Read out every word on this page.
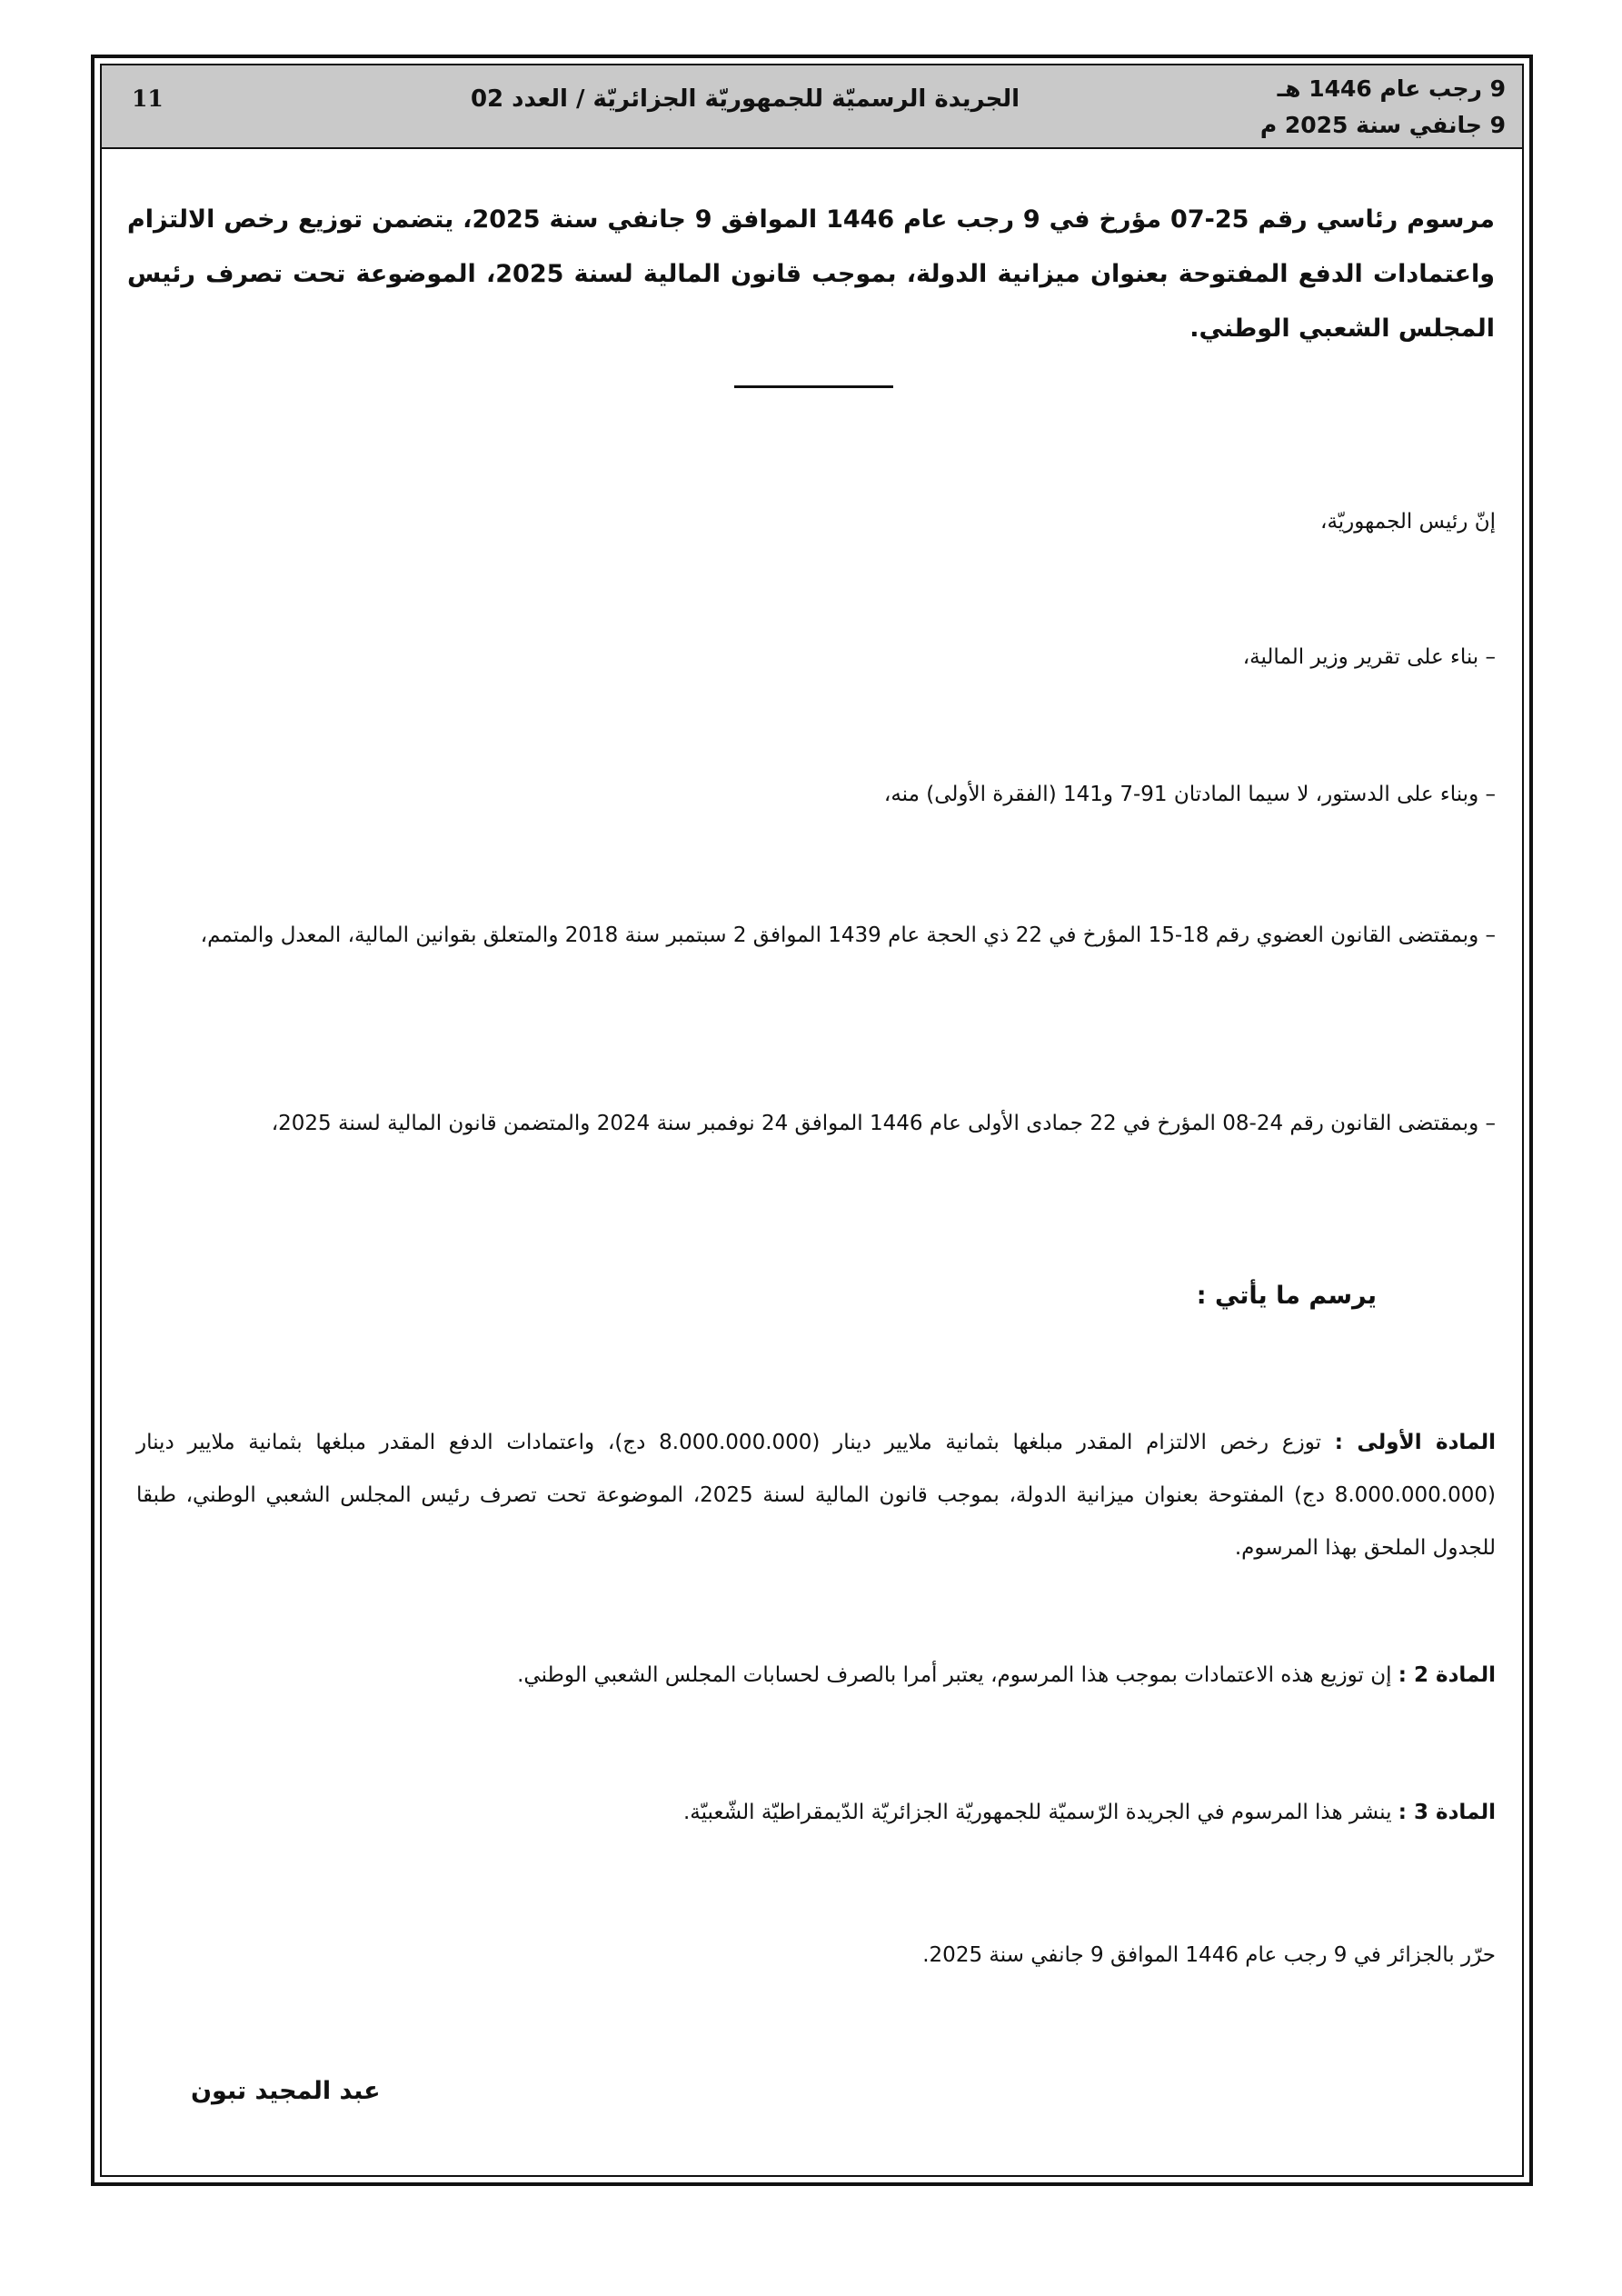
11	الجريدة الرسميّة للجمهوريّة الجزائريّة / العدد 02	9 رجب عام 1446 هـ
9 جانفي سنة 2025 م
مرسوم رئاسي رقم 25-07 مؤرخ في 9 رجب عام 1446 الموافق 9 جانفي سنة 2025، يتضمن توزيع رخص الالتزام واعتمادات الدفع المفتوحة بعنوان ميزانية الدولة، بموجب قانون المالية لسنة 2025، الموضوعة تحت تصرف رئيس المجلس الشعبي الوطني.
إنّ رئيس الجمهوريّة،
– بناء على تقرير وزير المالية،
– وبناء على الدستور، لا سيما المادتان 91-7 و141 (الفقرة الأولى) منه،
– وبمقتضى القانون العضوي رقم 18-15 المؤرخ في 22 ذي الحجة عام 1439 الموافق 2 سبتمبر سنة 2018 والمتعلق بقوانين المالية، المعدل والمتمم،
– وبمقتضى القانون رقم 24-08 المؤرخ في 22 جمادى الأولى عام 1446 الموافق 24 نوفمبر سنة 2024 والمتضمن قانون المالية لسنة 2025،
يرسم ما يأتي :
المادة الأولى : توزع رخص الالتزام المقدر مبلغها بثمانية ملايير دينار (8.000.000.000 دج)، واعتمادات الدفع المقدر مبلغها بثمانية ملايير دينار (8.000.000.000 دج) المفتوحة بعنوان ميزانية الدولة، بموجب قانون المالية لسنة 2025، الموضوعة تحت تصرف رئيس المجلس الشعبي الوطني، طبقا للجدول الملحق بهذا المرسوم.
المادة 2 : إن توزيع هذه الاعتمادات بموجب هذا المرسوم، يعتبر أمرا بالصرف لحسابات المجلس الشعبي الوطني.
المادة 3 : ينشر هذا المرسوم في الجريدة الرّسميّة للجمهوريّة الجزائريّة الدّيمقراطيّة الشّعبيّة.
حرّر بالجزائر في 9 رجب عام 1446 الموافق 9 جانفي سنة 2025.
عبد المجيد تبون
